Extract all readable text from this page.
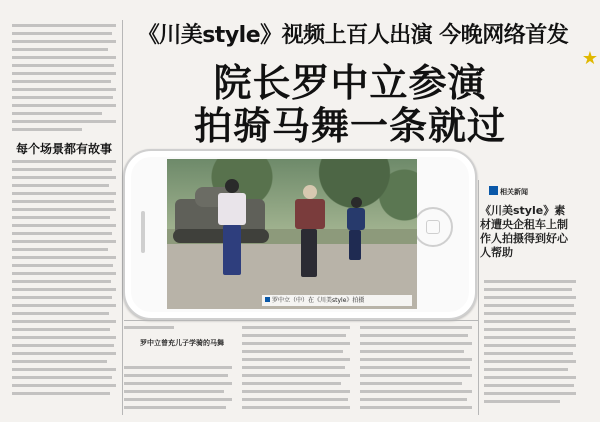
每个场景都有故事
《川美style》视频上百人出演 今晚网络首发
院长罗中立参演
拍骑马舞一条就过
★
罗中立（中）在《川美style》拍摄
相关新闻
《川美style》素材遭央企租车上制作人拍摄得到好心人帮助
罗中立曾充儿子学骑的马舞
